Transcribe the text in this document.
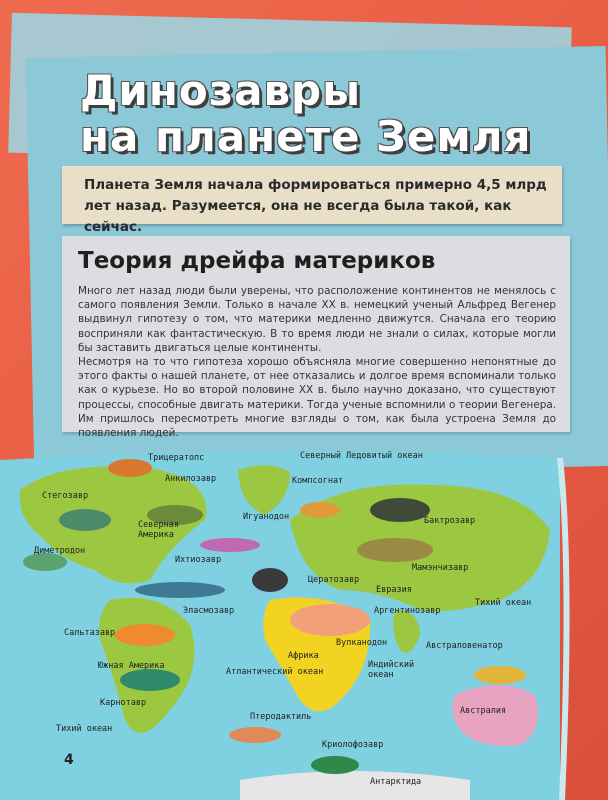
Динозавры
на планете Земля
Планета Земля начала формироваться примерно 4,5 млрд лет назад. Разумеется, она не всегда была такой, как сейчас.
Теория дрейфа материков

Много лет назад люди были уверены, что расположение континентов не менялось с самого появления Земли. Только в начале XX в. немецкий ученый Альфред Вегенер выдвинул гипотезу о том, что материки медленно движутся. Сначала его теорию восприняли как фантастическую. В то время люди не знали о силах, которые могли бы заставить двигаться целые континенты.

Несмотря на то что гипотеза хорошо объясняла многие совершенно непонятные до этого факты о нашей планете, от нее отказались и долгое время вспоминали только как о курьезе. Но во второй половине XX в. было научно доказано, что существуют процессы, способные двигать материки. Тогда ученые вспомнили о теории Вегенера. Им пришлось пересмотреть многие взгляды о том, как была устроена Земля до появления людей.

Трицератопс	Северный Ледовитый океан
Анкилозавр	Компсогнат
Стегозавр
Северная Америка
Игуанодон	Бактрозавр
Диметродон
Ихтиозавр
Мамэнчизавр
Цератозавр
Евразия
Эласмозавр	Аргентинозавр
Тихий океан
Сальтазавр
Вулканодон	Австраловенатор
Африка
Южная Америка	Индийский океан
Атлантический океан
Карнотавр
Австралия
Птеродактиль
Тихий океан
Криолофозавр
Антарктида
4
